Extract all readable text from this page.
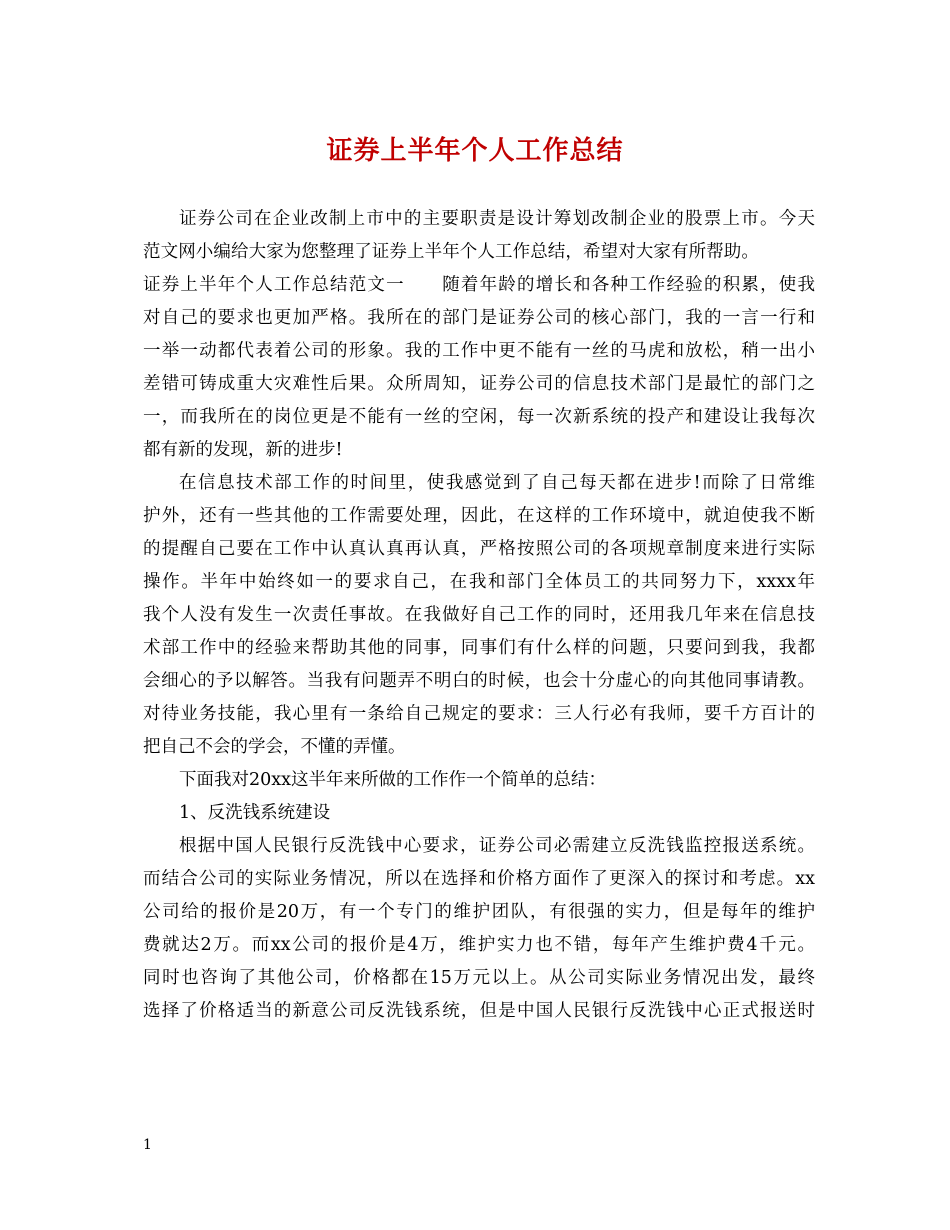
证券上半年个人工作总结
证券公司在企业改制上市中的主要职责是设计筹划改制企业的股票上市。今天
范文网小编给大家为您整理了证券上半年个人工作总结，希望对大家有所帮助。
证券上半年个人工作总结范文一　　随着年龄的增长和各种工作经验的积累，使我
对自己的要求也更加严格。我所在的部门是证券公司的核心部门，我的一言一行和
一举一动都代表着公司的形象。我的工作中更不能有一丝的马虎和放松，稍一出小
差错可铸成重大灾难性后果。众所周知，证券公司的信息技术部门是最忙的部门之
一，而我所在的岗位更是不能有一丝的空闲，每一次新系统的投产和建设让我每次
都有新的发现，新的进步!
在信息技术部工作的时间里，使我感觉到了自己每天都在进步!而除了日常维
护外，还有一些其他的工作需要处理，因此，在这样的工作环境中，就迫使我不断
的提醒自己要在工作中认真认真再认真，严格按照公司的各项规章制度来进行实际
操作。半年中始终如一的要求自己，在我和部门全体员工的共同努力下，xxxx年
我个人没有发生一次责任事故。在我做好自己工作的同时，还用我几年来在信息技
术部工作中的经验来帮助其他的同事，同事们有什么样的问题，只要问到我，我都
会细心的予以解答。当我有问题弄不明白的时候，也会十分虚心的向其他同事请教。
对待业务技能，我心里有一条给自己规定的要求：三人行必有我师，要千方百计的
把自己不会的学会，不懂的弄懂。
下面我对20xx这半年来所做的工作作一个简单的总结：
1、反洗钱系统建设
根据中国人民银行反洗钱中心要求，证券公司必需建立反洗钱监控报送系统。
而结合公司的实际业务情况，所以在选择和价格方面作了更深入的探讨和考虑。xx
公司给的报价是20万，有一个专门的维护团队，有很强的实力，但是每年的维护
费就达2万。而xx公司的报价是4万，维护实力也不错，每年产生维护费4千元。
同时也咨询了其他公司，价格都在15万元以上。从公司实际业务情况出发，最终
选择了价格适当的新意公司反洗钱系统，但是中国人民银行反洗钱中心正式报送时
1
